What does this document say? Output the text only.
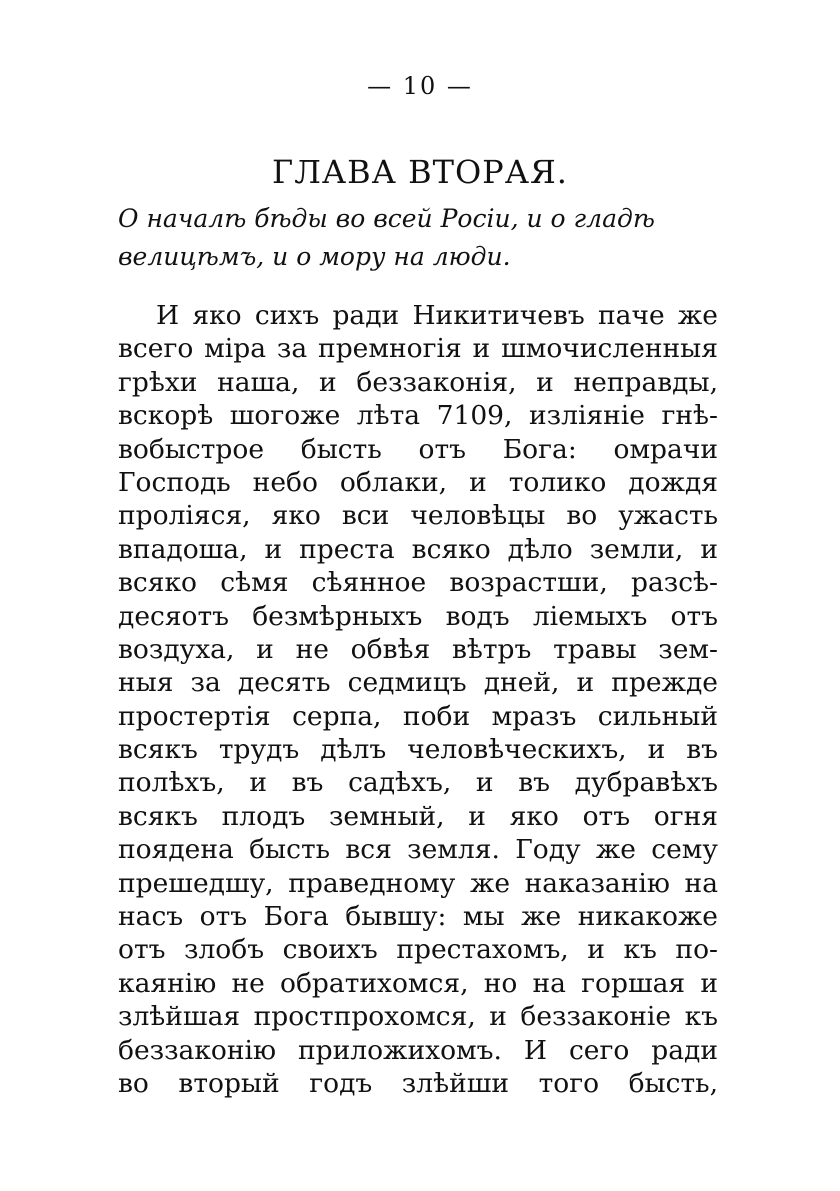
— 10 —
ГЛАВА ВТОРАЯ.

О началѣ бѣды во всей Росіи, и о гладѣ
велицѣмъ, и о мору на люди.

И яко сихъ ради Никитичевъ паче же
всего міра за премногія и шмочисленныя
грѣхи наша, и беззаконія, и неправды,
вскорѣ шогоже лѣта 7109, изліяніе гнѣ-
вобыстрое бысть отъ Бога: омрачи
Господь небо облаки, и толико дождя
проліяся, яко вси человѣцы во ужасть
впадоша, и преста всяко дѣло земли, и
всяко сѣмя сѣянное возрастши, разсѣ-
десяотъ безмѣрныхъ водъ ліемыхъ отъ
воздуха, и не обвѣя вѣтръ травы зем-
ныя за десять седмицъ дней, и прежде
простертія серпа, поби мразъ сильный
всякъ трудъ дѣлъ человѣческихъ, и въ
полѣхъ, и въ садѣхъ, и въ дубравѣхъ
всякъ плодъ земный, и яко отъ огня
поядена бысть вся земля. Году же сему
прешедшу, праведному же наказанію на
насъ отъ Бога бывшу: мы же никакоже
отъ злобъ своихъ престахомъ, и къ по-
каянію не обратихомся, но на горшая и
злѣйшая простпрохомся, и беззаконіе къ
беззаконію приложихомъ. И сего ради
во вторый годъ злѣйши того бысть,
